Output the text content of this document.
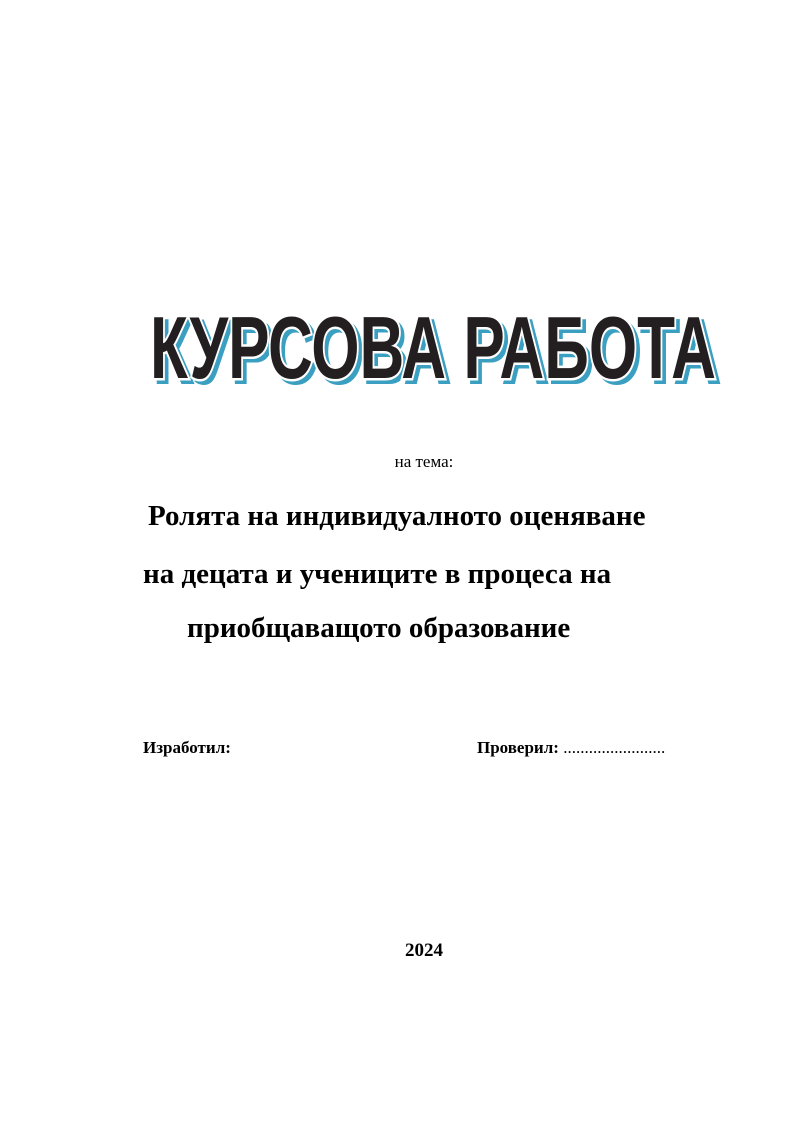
КУРСОВА РАБОТА
КУРСОВА РАБОТА
КУРСОВА РАБОТА
на тема:
Ролята на индивидуалното оценяване
на децата и учениците в процеса на
приобщаващото образование
Изработил:	Проверил: ........................
2024
